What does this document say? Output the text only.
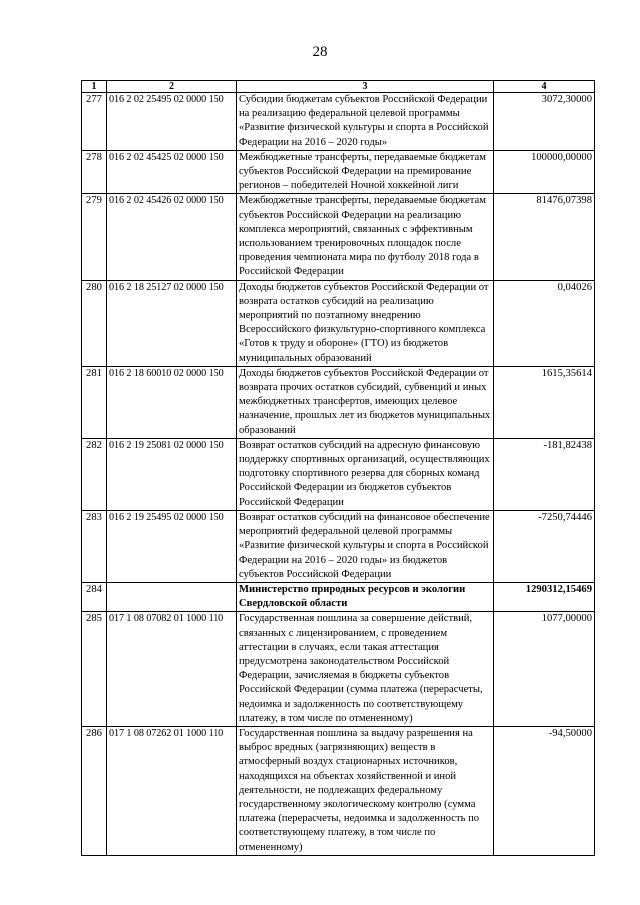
28
1	2	3	4
277	016 2 02 25495 02 0000 150	Субсидии бюджетам субъектов Российской Федерации на реализацию федеральной целевой программы «Развитие физической культуры и спорта в Российской Федерации на 2016 – 2020 годы»	3072,30000
278	016 2 02 45425 02 0000 150	Межбюджетные трансферты, передаваемые бюджетам субъектов Российской Федерации на премирование регионов – победителей Ночной хоккейной лиги	100000,00000
279	016 2 02 45426 02 0000 150	Межбюджетные трансферты, передаваемые бюджетам субъектов Российской Федерации на реализацию комплекса мероприятий, связанных с эффективным использованием тренировочных площадок после проведения чемпионата мира по футболу 2018 года в Российской Федерации	81476,07398
280	016 2 18 25127 02 0000 150	Доходы бюджетов субъектов Российской Федерации от возврата остатков субсидий на реализацию мероприятий по поэтапному внедрению Всероссийского физкультурно-спортивного комплекса «Готов к труду и обороне» (ГТО) из бюджетов муниципальных образований	0,04026
281	016 2 18 60010 02 0000 150	Доходы бюджетов субъектов Российской Федерации от возврата прочих остатков субсидий, субвенций и иных межбюджетных трансфертов, имеющих целевое назначение, прошлых лет из бюджетов муниципальных образований	1615,35614
282	016 2 19 25081 02 0000 150	Возврат остатков субсидий на адресную финансовую поддержку спортивных организаций, осуществляющих подготовку спортивного резерва для сборных команд Российской Федерации из бюджетов субъектов Российской Федерации	-181,82438
283	016 2 19 25495 02 0000 150	Возврат остатков субсидий на финансовое обеспечение мероприятий федеральной целевой программы «Развитие физической культуры и спорта в Российской Федерации на 2016 – 2020 годы» из бюджетов субъектов Российской Федерации	-7250,74446
284		Министерство природных ресурсов и экологии Свердловской области	1290312,15469
285	017 1 08 07082 01 1000 110	Государственная пошлина за совершение действий, связанных с лицензированием, с проведением аттестации в случаях, если такая аттестация предусмотрена законодательством Российской Федерации, зачисляемая в бюджеты субъектов Российской Федерации (сумма платежа (перерасчеты, недоимка и задолженность по соответствующему платежу, в том числе по отмененному)	1077,00000
286	017 1 08 07262 01 1000 110	Государственная пошлина за выдачу разрешения на выброс вредных (загрязняющих) веществ в атмосферный воздух стационарных источников, находящихся на объектах хозяйственной и иной деятельности, не подлежащих федеральному государственному экологическому контролю (сумма платежа (перерасчеты, недоимка и задолженность по соответствующему платежу, в том числе по отмененному)	-94,50000
